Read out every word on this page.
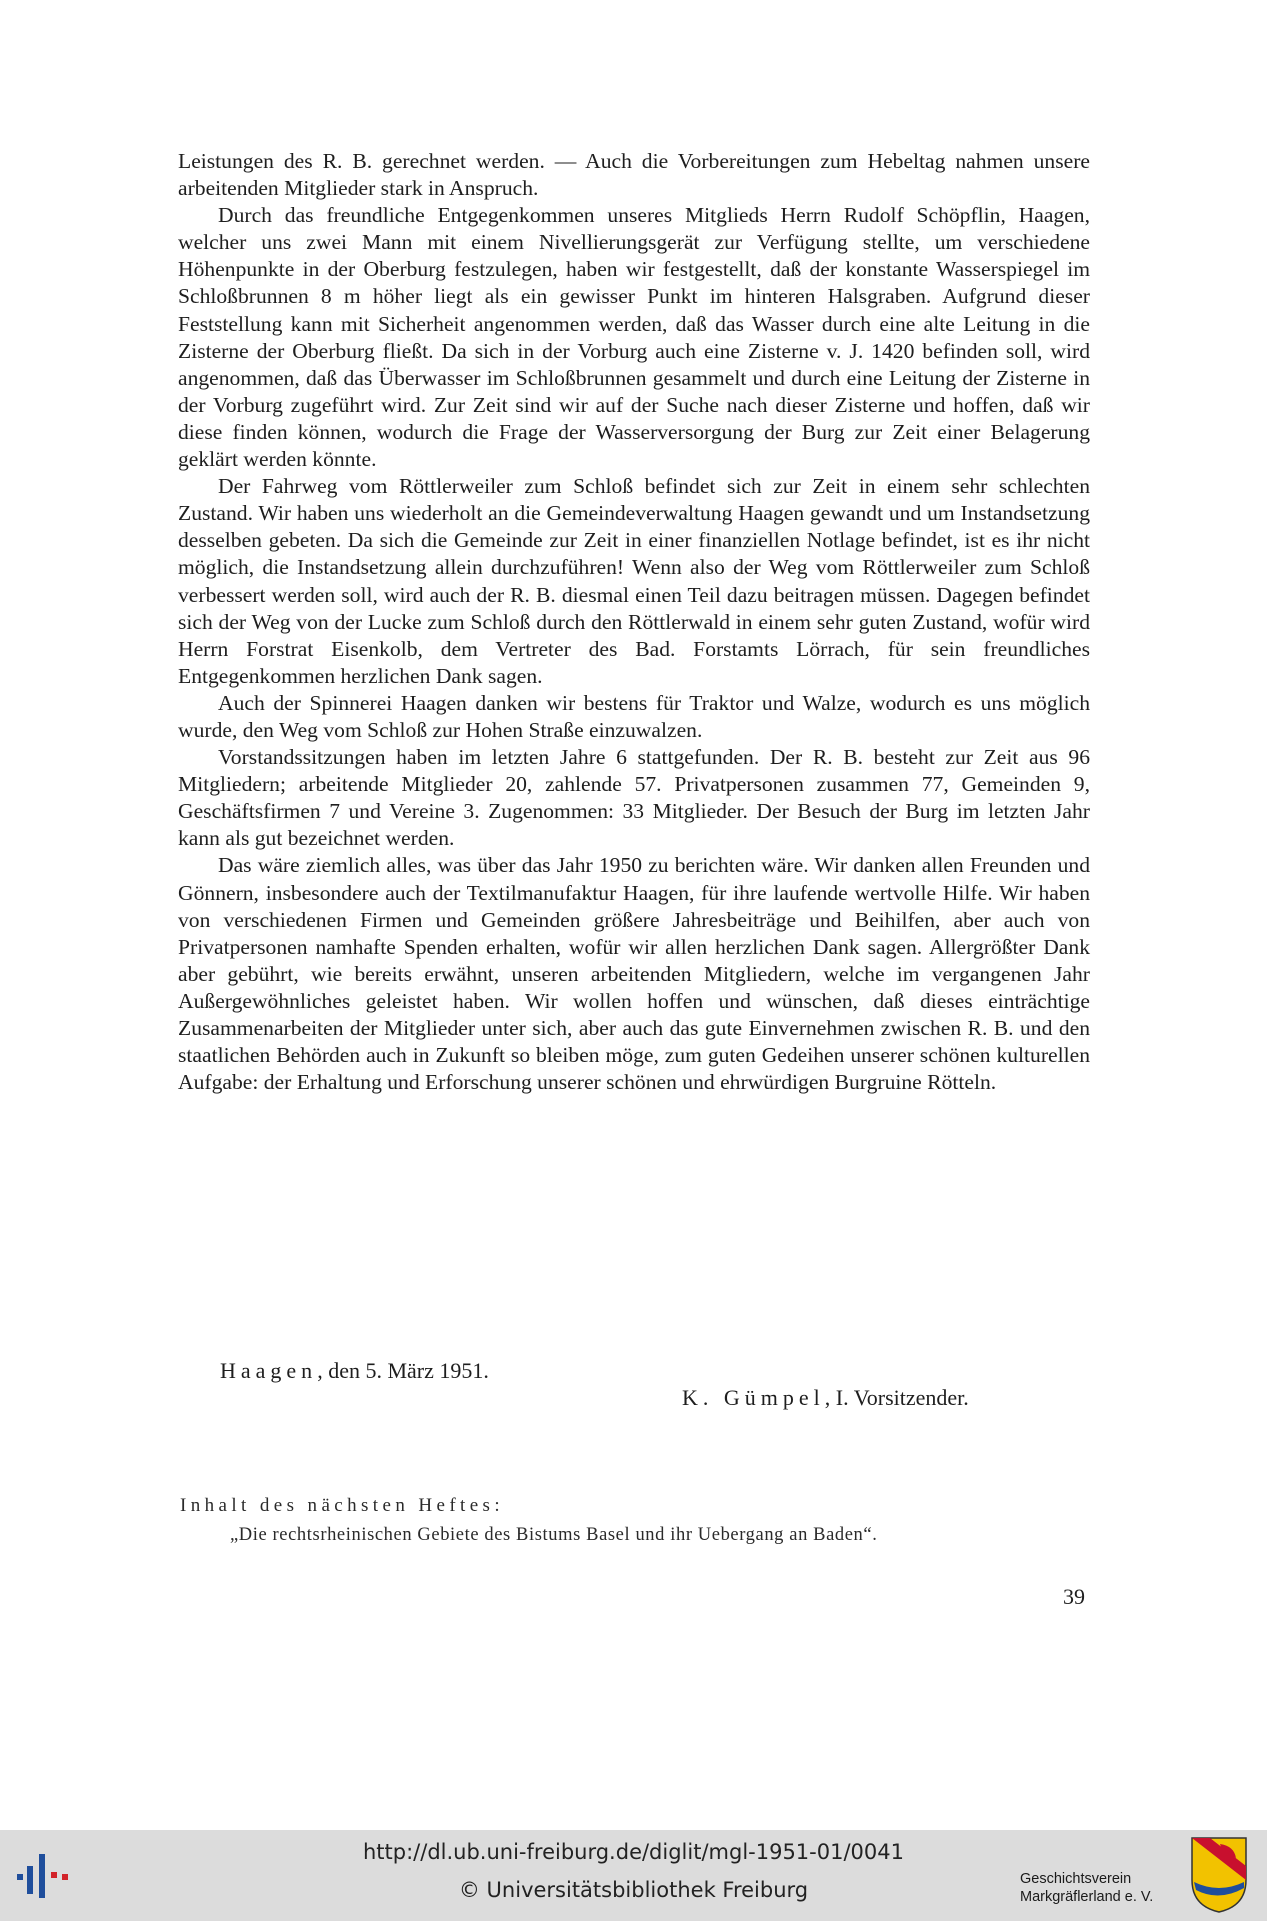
Leistungen des R. B. gerechnet werden. — Auch die Vorbereitungen zum Hebeltag nahmen unsere arbeitenden Mitglieder stark in Anspruch.

Durch das freundliche Entgegenkommen unseres Mitglieds Herrn Rudolf Schöpflin, Haagen, welcher uns zwei Mann mit einem Nivellierungsgerät zur Verfügung stellte, um verschiedene Höhenpunkte in der Oberburg festzulegen, haben wir festgestellt, daß der konstante Wasserspiegel im Schloßbrunnen 8 m höher liegt als ein gewisser Punkt im hinteren Halsgraben. Aufgrund dieser Feststellung kann mit Sicherheit angenommen werden, daß das Wasser durch eine alte Leitung in die Zisterne der Oberburg fließt. Da sich in der Vorburg auch eine Zisterne v. J. 1420 befinden soll, wird angenommen, daß das Überwasser im Schloßbrunnen gesammelt und durch eine Leitung der Zisterne in der Vorburg zugeführt wird. Zur Zeit sind wir auf der Suche nach dieser Zisterne und hoffen, daß wir diese finden können, wodurch die Frage der Wasserversorgung der Burg zur Zeit einer Belagerung geklärt werden könnte.

Der Fahrweg vom Röttlerweiler zum Schloß befindet sich zur Zeit in einem sehr schlechten Zustand. Wir haben uns wiederholt an die Gemeindeverwaltung Haagen gewandt und um Instandsetzung desselben gebeten. Da sich die Gemeinde zur Zeit in einer finanziellen Notlage befindet, ist es ihr nicht möglich, die Instandsetzung allein durchzuführen! Wenn also der Weg vom Röttlerweiler zum Schloß verbessert werden soll, wird auch der R. B. diesmal einen Teil dazu beitragen müssen. Dagegen befindet sich der Weg von der Lucke zum Schloß durch den Röttlerwald in einem sehr guten Zustand, wofür wird Herrn Forstrat Eisenkolb, dem Vertreter des Bad. Forstamts Lörrach, für sein freundliches Entgegenkommen herzlichen Dank sagen.

Auch der Spinnerei Haagen danken wir bestens für Traktor und Walze, wodurch es uns möglich wurde, den Weg vom Schloß zur Hohen Straße einzuwalzen.

Vorstandssitzungen haben im letzten Jahre 6 stattgefunden. Der R. B. besteht zur Zeit aus 96 Mitgliedern; arbeitende Mitglieder 20, zahlende 57. Privatpersonen zusammen 77, Gemeinden 9, Geschäftsfirmen 7 und Vereine 3. Zugenommen: 33 Mitglieder. Der Besuch der Burg im letzten Jahr kann als gut bezeichnet werden.

Das wäre ziemlich alles, was über das Jahr 1950 zu berichten wäre. Wir danken allen Freunden und Gönnern, insbesondere auch der Textilmanufaktur Haagen, für ihre laufende wertvolle Hilfe. Wir haben von verschiedenen Firmen und Gemeinden größere Jahresbeiträge und Beihilfen, aber auch von Privatpersonen namhafte Spenden erhalten, wofür wir allen herzlichen Dank sagen. Allergrößter Dank aber gebührt, wie bereits erwähnt, unseren arbeitenden Mitgliedern, welche im vergangenen Jahr Außergewöhnliches geleistet haben. Wir wollen hoffen und wünschen, daß dieses einträchtige Zusammenarbeiten der Mitglieder unter sich, aber auch das gute Einvernehmen zwischen R. B. und den staatlichen Behörden auch in Zukunft so bleiben möge, zum guten Gedeihen unserer schönen kulturellen Aufgabe: der Erhaltung und Erforschung unserer schönen und ehrwürdigen Burgruine Rötteln.

Haagen, den 5. März 1951.
K. Gümpel, I. Vorsitzender.
Inhalt des nächsten Heftes:
„Die rechtsrheinischen Gebiete des Bistums Basel und ihr Uebergang an Baden“.
39
http://dl.ub.uni-freiburg.de/diglit/mgl-1951-01/0041
© Universitätsbibliothek Freiburg	Geschichtsverein
Markgräflerland e. V.
